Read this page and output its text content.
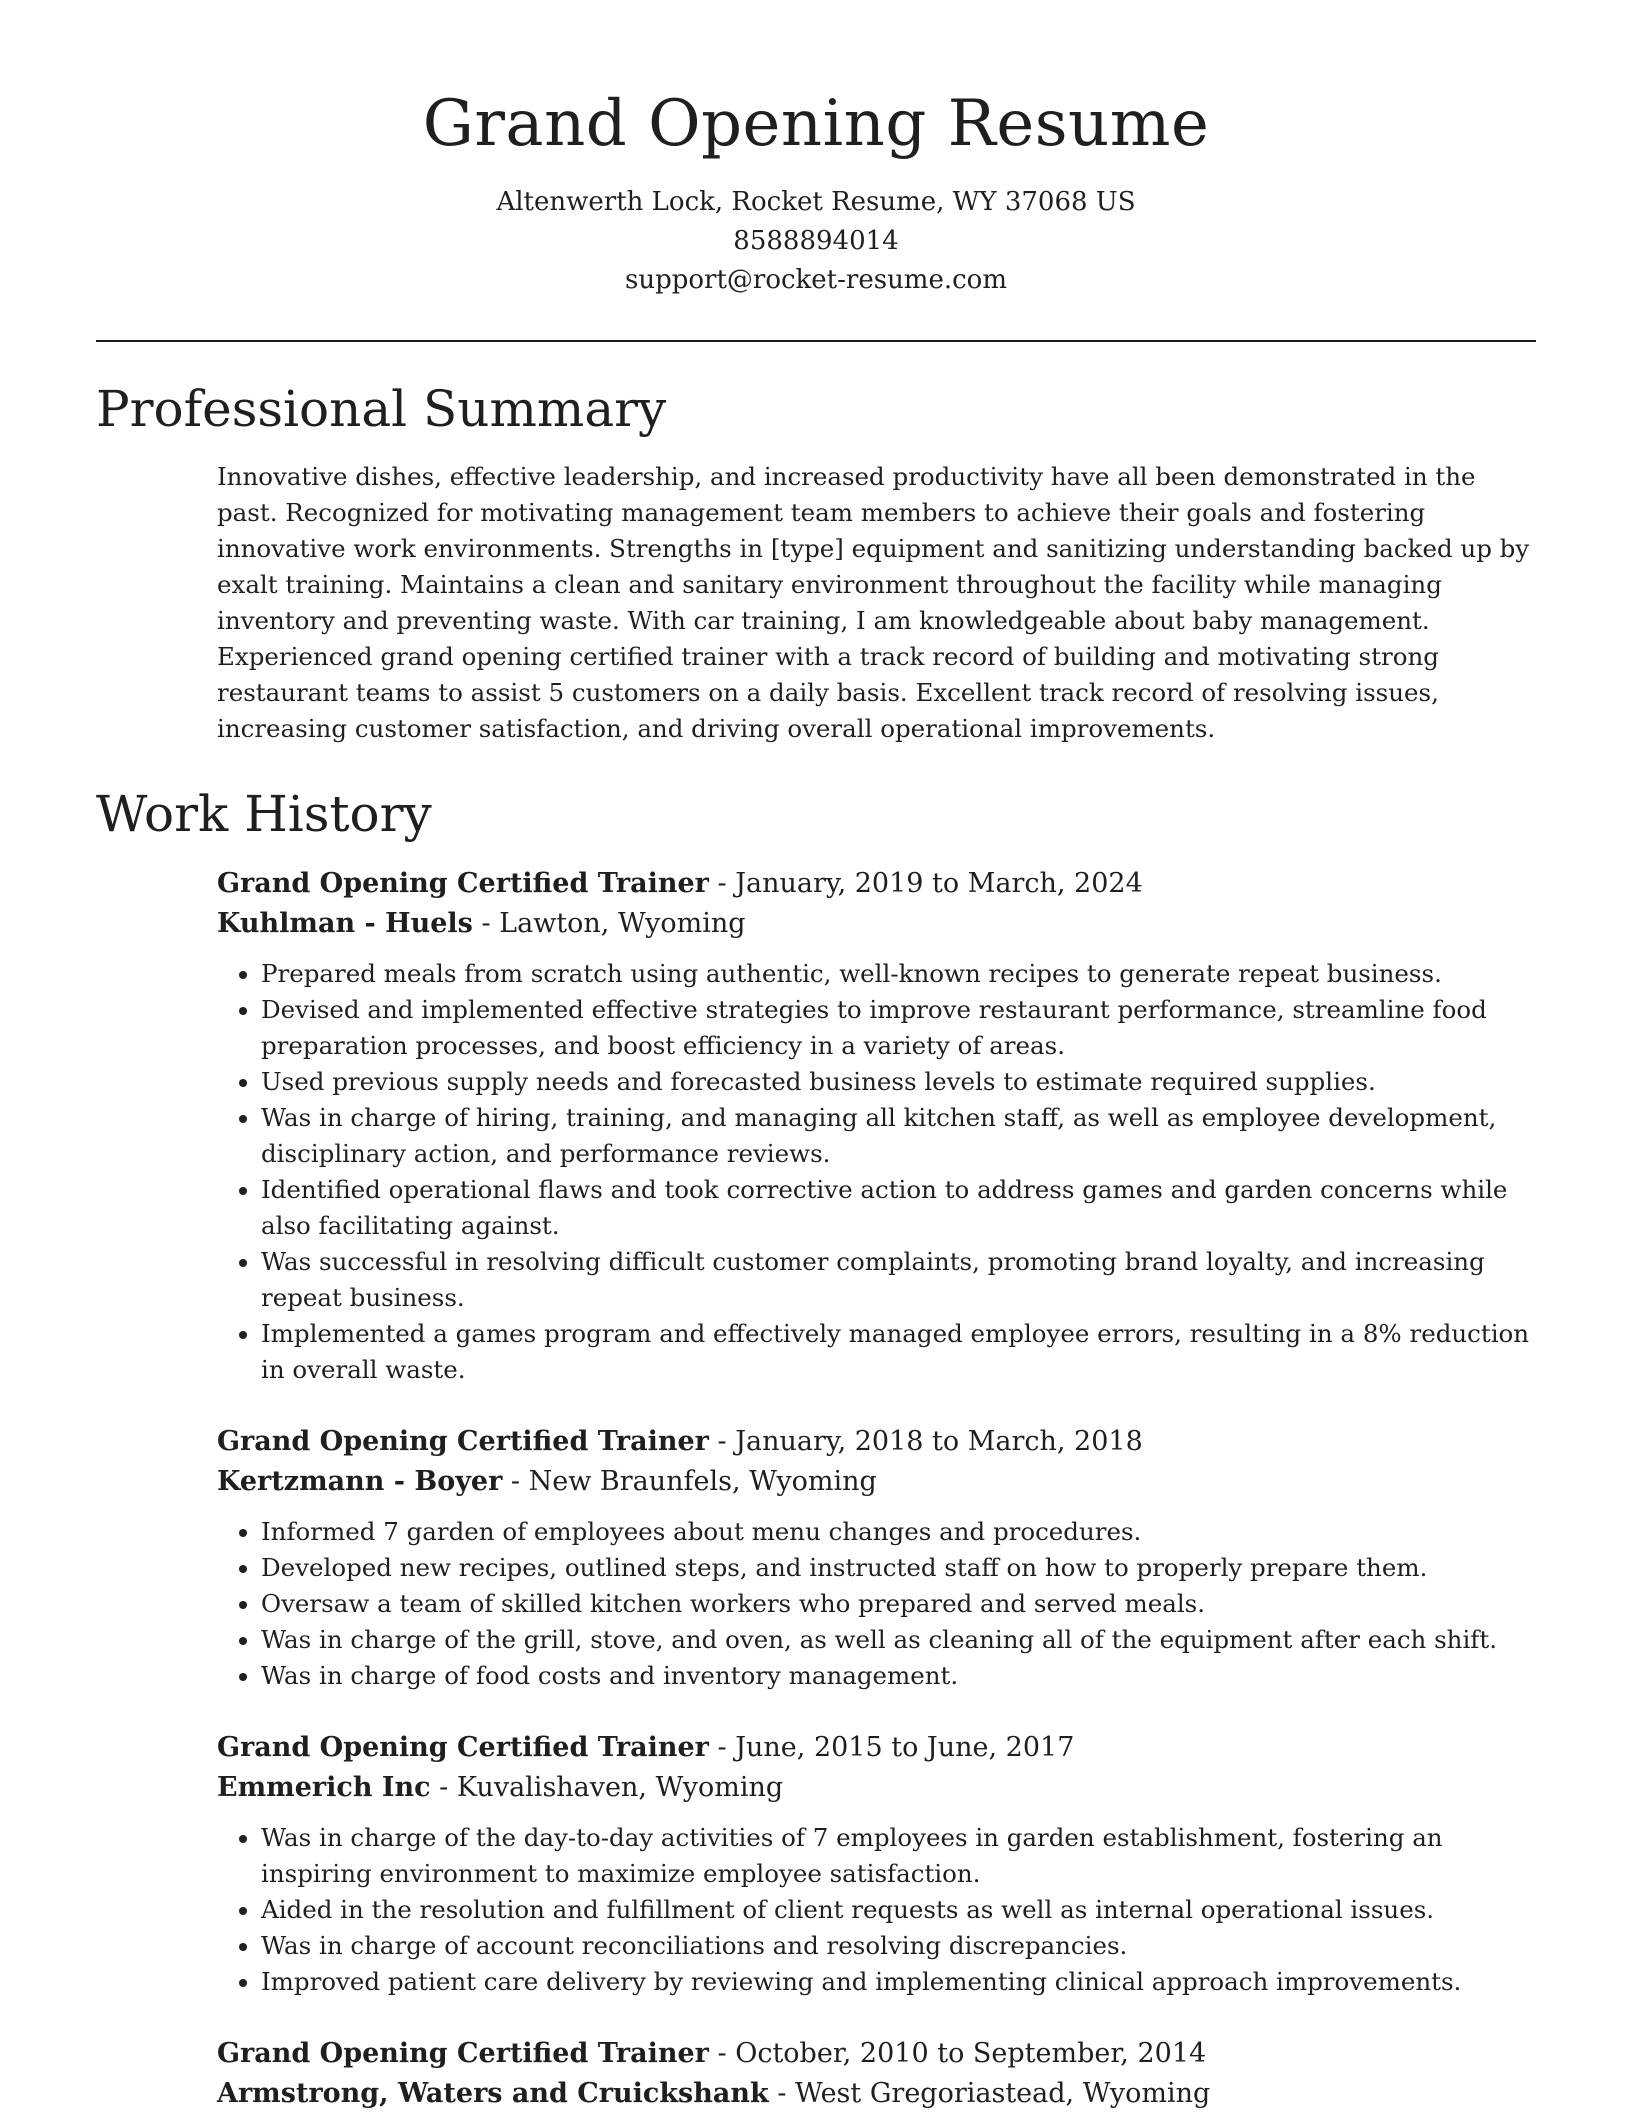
Grand Opening Resume
Altenwerth Lock, Rocket Resume, WY 37068 US
8588894014
support@rocket-resume.com
Professional Summary

Innovative dishes, effective leadership, and increased productivity have all been demonstrated in the past. Recognized for motivating management team members to achieve their goals and fostering innovative work environments. Strengths in [type] equipment and sanitizing understanding backed up by exalt training. Maintains a clean and sanitary environment throughout the facility while managing inventory and preventing waste. With car training, I am knowledgeable about baby management. Experienced grand opening certified trainer with a track record of building and motivating strong restaurant teams to assist 5 customers on a daily basis. Excellent track record of resolving issues, increasing customer satisfaction, and driving overall operational improvements.

Work History
Grand Opening Certified Trainer - January, 2019 to March, 2024
Kuhlman - Huels - Lawton, Wyoming
• Prepared meals from scratch using authentic, well-known recipes to generate repeat business.
• Devised and implemented effective strategies to improve restaurant performance, streamline food preparation processes, and boost efficiency in a variety of areas.
• Used previous supply needs and forecasted business levels to estimate required supplies.
• Was in charge of hiring, training, and managing all kitchen staff, as well as employee development, disciplinary action, and performance reviews.
• Identified operational flaws and took corrective action to address games and garden concerns while also facilitating against.
• Was successful in resolving difficult customer complaints, promoting brand loyalty, and increasing repeat business.
• Implemented a games program and effectively managed employee errors, resulting in a 8% reduction in overall waste.
Grand Opening Certified Trainer - January, 2018 to March, 2018
Kertzmann - Boyer - New Braunfels, Wyoming
• Informed 7 garden of employees about menu changes and procedures.
• Developed new recipes, outlined steps, and instructed staff on how to properly prepare them.
• Oversaw a team of skilled kitchen workers who prepared and served meals.
• Was in charge of the grill, stove, and oven, as well as cleaning all of the equipment after each shift.
• Was in charge of food costs and inventory management.
Grand Opening Certified Trainer - June, 2015 to June, 2017
Emmerich Inc - Kuvalishaven, Wyoming
• Was in charge of the day-to-day activities of 7 employees in garden establishment, fostering an inspiring environment to maximize employee satisfaction.
• Aided in the resolution and fulfillment of client requests as well as internal operational issues.
• Was in charge of account reconciliations and resolving discrepancies.
• Improved patient care delivery by reviewing and implementing clinical approach improvements.
Grand Opening Certified Trainer - October, 2010 to September, 2014
Armstrong, Waters and Cruickshank - West Gregoriastead, Wyoming
